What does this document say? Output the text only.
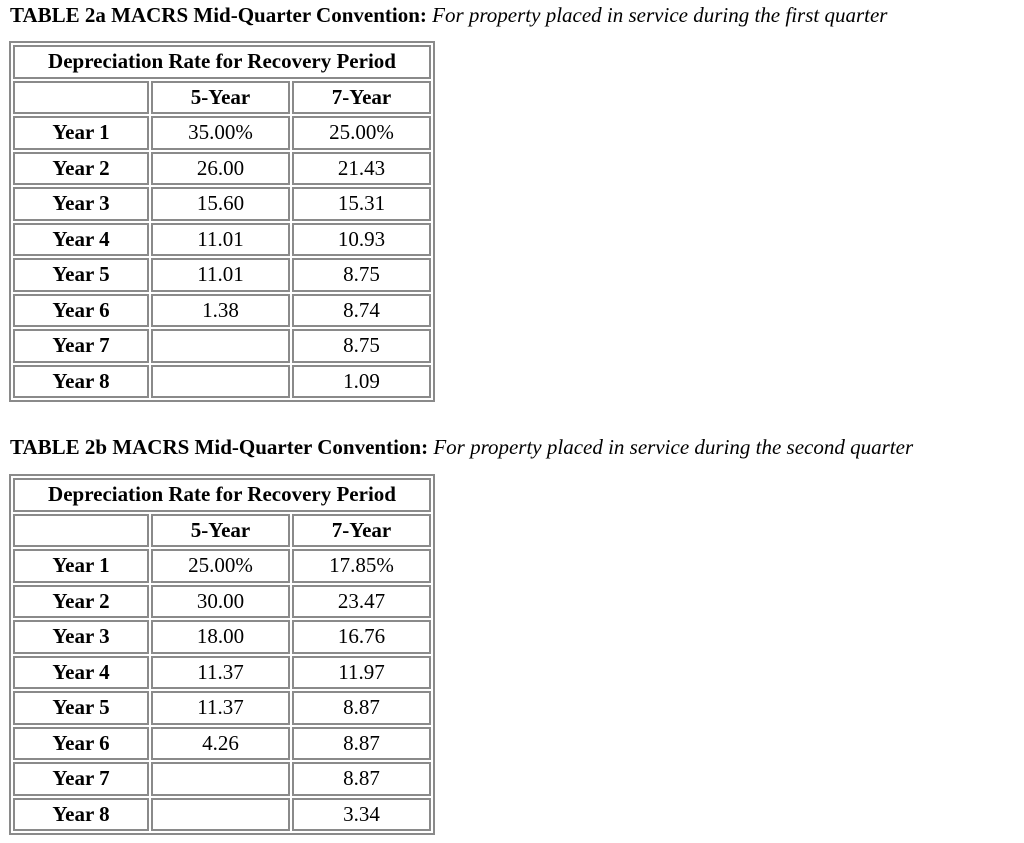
TABLE 2a MACRS Mid-Quarter Convention: For property placed in service during the first quarter
Depreciation Rate for Recovery Period		
	5-Year	7-Year
Year 1	35.00%	25.00%
Year 2	26.00	21.43
Year 3	15.60	15.31
Year 4	11.01	10.93
Year 5	11.01	8.75
Year 6	1.38	8.74
Year 7		8.75
Year 8		1.09
TABLE 2b MACRS Mid-Quarter Convention: For property placed in service during the second quarter
Depreciation Rate for Recovery Period		
	5-Year	7-Year
Year 1	25.00%	17.85%
Year 2	30.00	23.47
Year 3	18.00	16.76
Year 4	11.37	11.97
Year 5	11.37	8.87
Year 6	4.26	8.87
Year 7		8.87
Year 8		3.34
